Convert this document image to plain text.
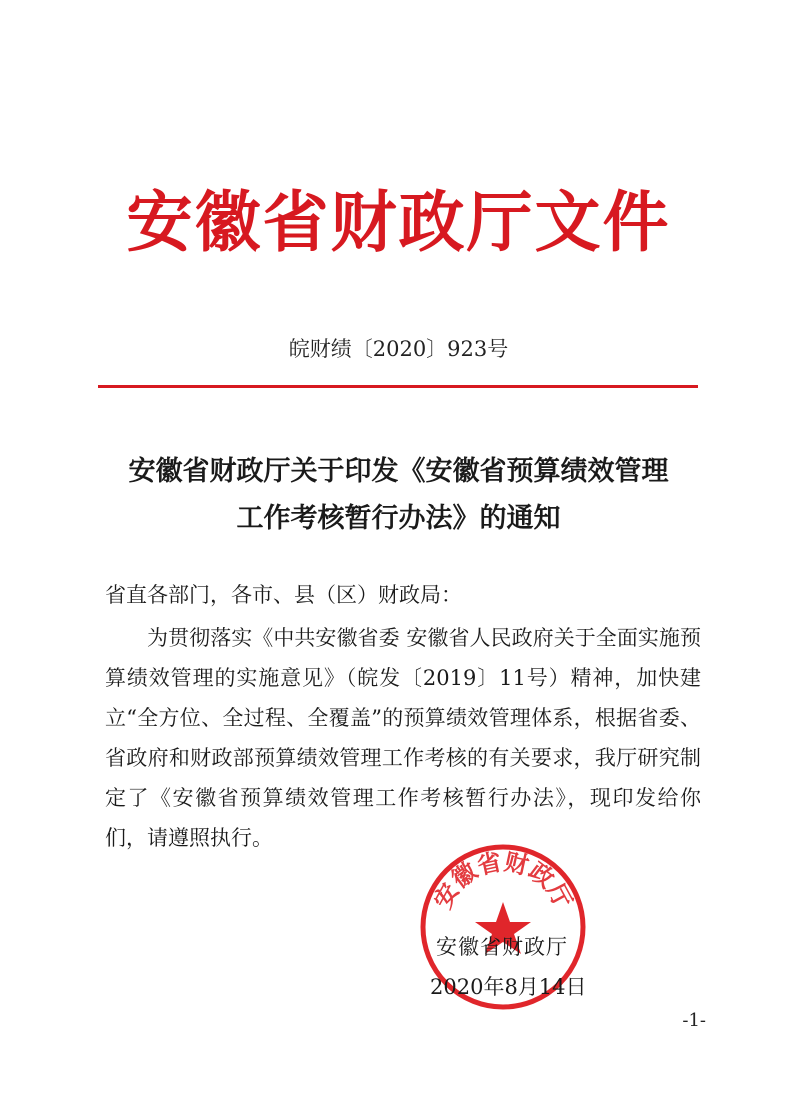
安徽省财政厅文件
皖财绩〔2020〕923号
安徽省财政厅关于印发《安徽省预算绩效管理
工作考核暂行办法》的通知
省直各部门，各市、县（区）财政局：
为贯彻落实《中共安徽省委 安徽省人民政府关于全面实施预算绩效管理的实施意见》（皖发〔2019〕11号）精神，加快建立“全方位、全过程、全覆盖”的预算绩效管理体系，根据省委、省政府和财政部预算绩效管理工作考核的有关要求，我厅研究制定了《安徽省预算绩效管理工作考核暂行办法》，现印发给你们，请遵照执行。
安徽省财政厅
安徽省财政厅
2020年8月14日
-1-
